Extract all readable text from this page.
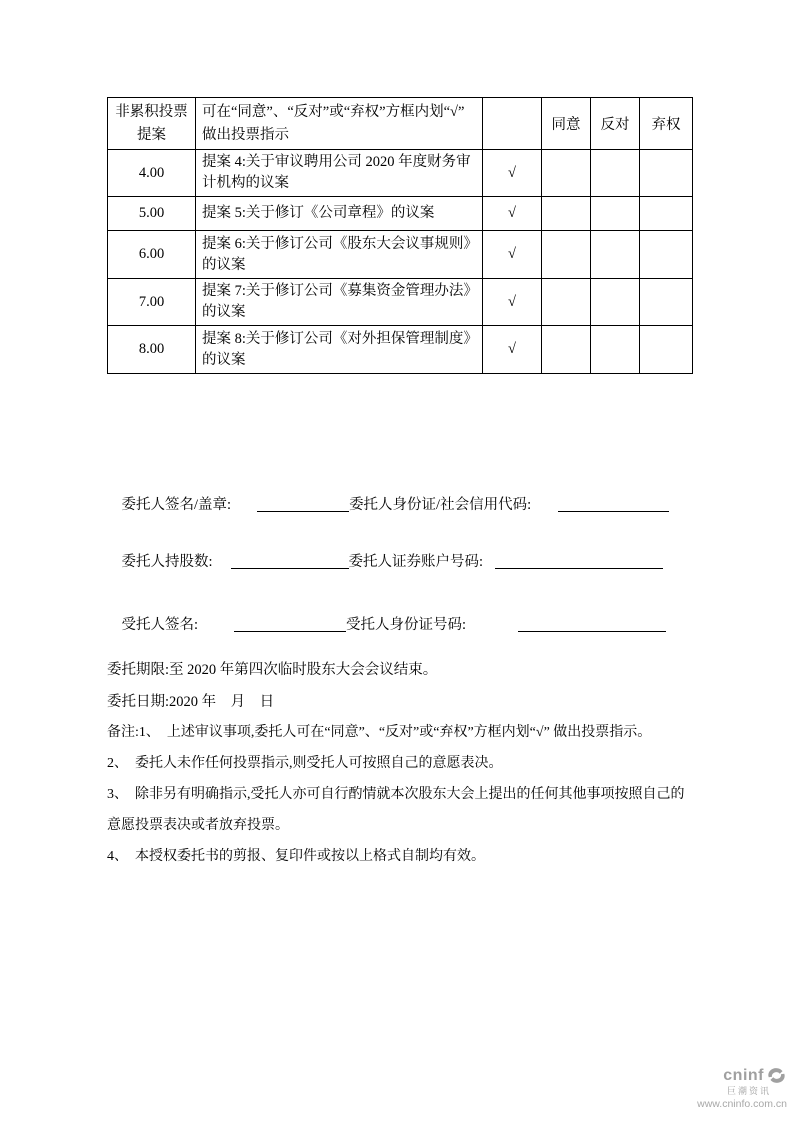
非累积投票提案	可在“同意”、“反对”或“弃权”方框内划“√” 做出投票指示		同意	反对	弃权
4.00	提案 4:关于审议聘用公司 2020 年度财务审计机构的议案	√			
5.00	提案 5:关于修订《公司章程》的议案	√			
6.00	提案 6:关于修订公司《股东大会议事规则》的议案	√			
7.00	提案 7:关于修订公司《募集资金管理办法》的议案	√			
8.00	提案 8:关于修订公司《对外担保管理制度》的议案	√			

委托人签名/盖章:	委托人身份证/社会信用代码:

委托人持股数:	委托人证券账户号码:

受托人签名:	受托人身份证号码:

委托期限:至 2020 年第四次临时股东大会会议结束。
委托日期:2020 年    月    日

备注:1、  上述审议事项,委托人可在“同意”、“反对”或“弃权”方框内划“√” 做出投票指示。

2、  委托人未作任何投票指示,则受托人可按照自己的意愿表决。

3、  除非另有明确指示,受托人亦可自行酌情就本次股东大会上提出的任何其他事项按照自己的意愿投票表决或者放弃投票。

4、  本授权委托书的剪报、复印件或按以上格式自制均有效。

cninf
巨潮资讯
www.cninfo.com.cn
